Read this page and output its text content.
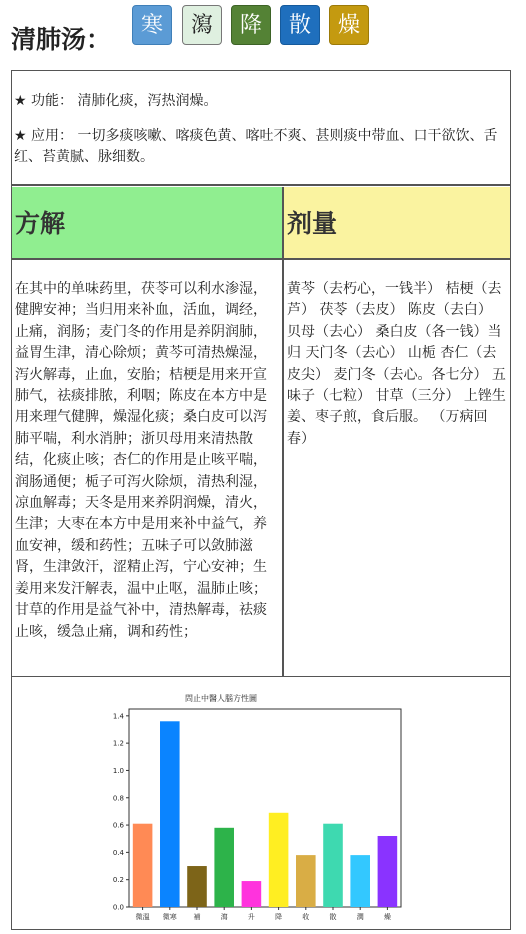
清肺汤：	寒	瀉	降	散	燥

★ 功能： 清肺化痰，泻热润燥。

★ 应用： 一切多痰咳嗽、喀痰色黄、喀吐不爽、甚则痰中带血、口干欲饮、舌红、苔黄腻、脉细数。

方解	剂量
在其中的单味药里，茯苓可以利水渗湿，健脾安神；当归用来补血，活血，调经，止痛，润肠；麦门冬的作用是养阴润肺，益胃生津，清心除烦；黄芩可清热燥湿，泻火解毒，止血，安胎；桔梗是用来开宣肺气，祛痰排脓，利咽；陈皮在本方中是用来理气健脾，燥湿化痰；桑白皮可以泻肺平喘，利水消肿；浙贝母用来清热散结，化痰止咳；杏仁的作用是止咳平喘，润肠通便；栀子可泻火除烦，清热利湿，凉血解毒；天冬是用来养阴润燥，清火，生津；大枣在本方中是用来补中益气，养血安神，缓和药性；五味子可以敛肺滋肾，生津敛汗，涩精止泻，宁心安神；生姜用来发汗解表，温中止呕，温肺止咳；甘草的作用是益气补中，清热解毒，祛痰止咳，缓急止痛，调和药性；
黄芩（去朽心，一钱半） 桔梗（去芦） 茯苓（去皮） 陈皮（去白） 贝母（去心） 桑白皮（各一钱）当归 天门冬（去心） 山栀 杏仁（去皮尖） 麦门冬（去心。各七分） 五味子（七粒） 甘草（三分） 上锉生姜、枣子煎，食后服。 （万病回春）
問止中醫人腦方性圖
0.0
0.2
0.4
0.6
0.8
1.0
1.2
1.4
微溫 微寒 補	瀉	升	降	收	散	潤	燥
